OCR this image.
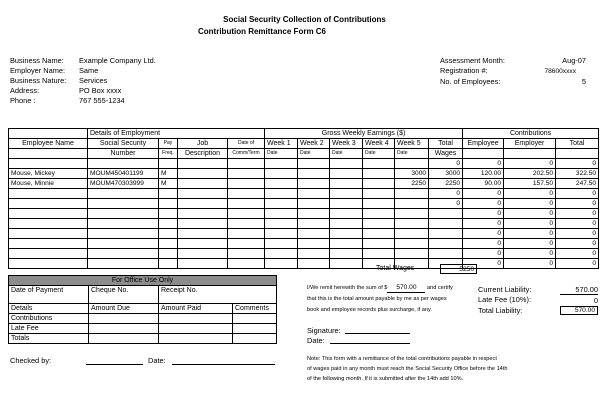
Social Security Collection of Contributions
Contribution Remittance Form C6
Business Name: Example Company Ltd.
Employer Name: Same
Business Nature: Services
Address:	PO Box xxxx
Phone :	767 555-1234
Assessment Month:	Aug-07
Registration #:	78600xxxx
No. of Employees:	5
	Details of Employment				Gross Weekly Earnings ($)						Contributions		
Employee Name	Social Security	Pay	Job	Date of	Week 1	Week 2	Week 3	Week 4	Week 5	Total	Employee	Employer	Total
	Number	Freq.	Description	Comm/Term	Date	Date	Date	Date	Date	Wages			
										0	0	0	0
Mouse, Mickey	MOUM450401199	M							3000	3000	120.00	202.50	322.50
Mouse, Minnie	MOUM470303999	M							2250	2250	90.00	157.50	247.50
										0	0	0	0
										0	0	0	0
											0	0	0
											0	0	0
											0	0	0
											0	0	0
											0	0	0
											0	0	0
Total Wages	5250
For Office Use Only			
Date of Payment	Cheque No.	Receipt No.	
Details	Amount Due	Amount Paid	Comments
Contributions			
Late Fee			
Totals			
I/We remit herewith the sum of $ 570.00 and certify
that this is the total amount payable by me as per wages
book and employee records plus surcharge, if any.
Current Liability:	570.00
Late Fee (10%):	0
Total Liability:	570.00
Signature:
Date:
Checked by:	Date:	Note: This form with a remittance of the total contributions payable in respect
of wages paid in any month must reach the Social Security Office before the 14th
of the following month. If it is submitted after the 14th add 10%.
